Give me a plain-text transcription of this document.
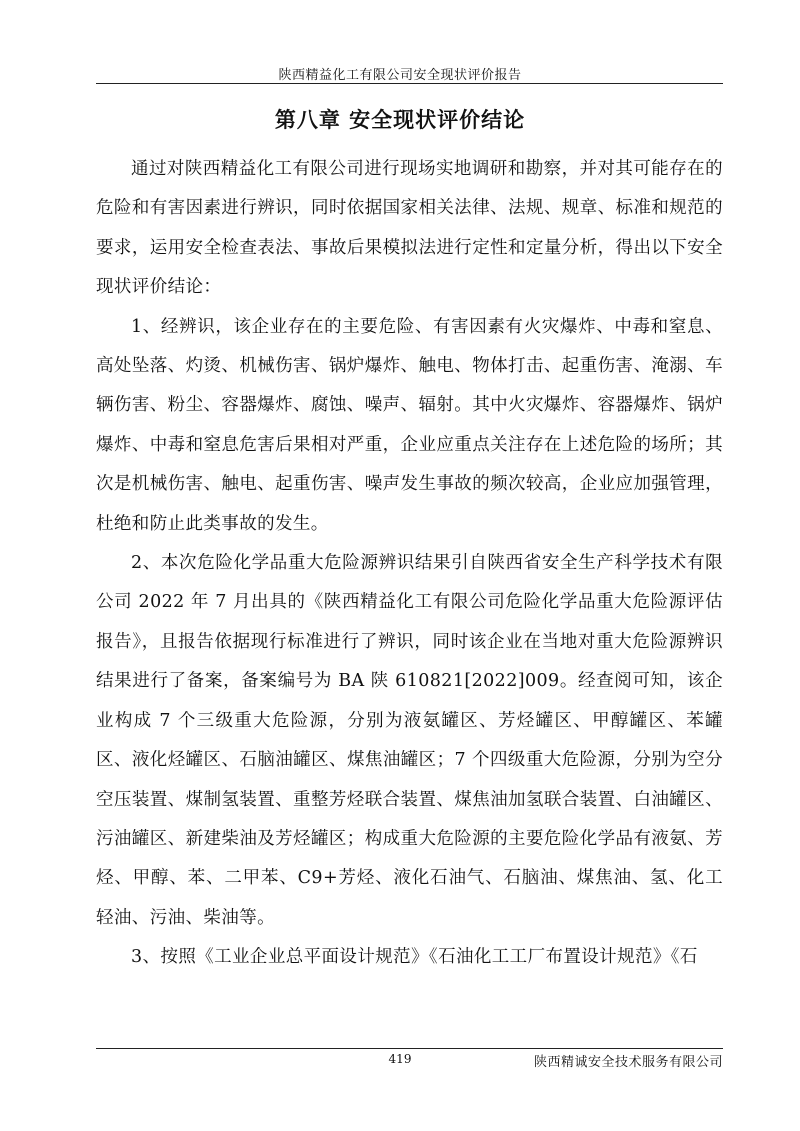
陕西精益化工有限公司安全现状评价报告
第八章 安全现状评价结论

通过对陕西精益化工有限公司进行现场实地调研和勘察，并对其可能存在的危险和有害因素进行辨识，同时依据国家相关法律、法规、规章、标准和规范的要求，运用安全检查表法、事故后果模拟法进行定性和定量分析，得出以下安全现状评价结论：

1、经辨识，该企业存在的主要危险、有害因素有火灾爆炸、中毒和窒息、高处坠落、灼烫、机械伤害、锅炉爆炸、触电、物体打击、起重伤害、淹溺、车辆伤害、粉尘、容器爆炸、腐蚀、噪声、辐射。其中火灾爆炸、容器爆炸、锅炉爆炸、中毒和窒息危害后果相对严重，企业应重点关注存在上述危险的场所；其次是机械伤害、触电、起重伤害、噪声发生事故的频次较高，企业应加强管理，杜绝和防止此类事故的发生。

2、本次危险化学品重大危险源辨识结果引自陕西省安全生产科学技术有限公司 2022 年 7 月出具的《陕西精益化工有限公司危险化学品重大危险源评估报告》，且报告依据现行标准进行了辨识，同时该企业在当地对重大危险源辨识结果进行了备案，备案编号为 BA 陕 610821[2022]009。经查阅可知，该企业构成 7 个三级重大危险源，分别为液氨罐区、芳烃罐区、甲醇罐区、苯罐区、液化烃罐区、石脑油罐区、煤焦油罐区；7 个四级重大危险源，分别为空分空压装置、煤制氢装置、重整芳烃联合装置、煤焦油加氢联合装置、白油罐区、污油罐区、新建柴油及芳烃罐区；构成重大危险源的主要危险化学品有液氨、芳烃、甲醇、苯、二甲苯、C9+芳烃、液化石油气、石脑油、煤焦油、氢、化工轻油、污油、柴油等。

3、按照《工业企业总平面设计规范》《石油化工工厂布置设计规范》《石

419	陕西精诚安全技术服务有限公司
